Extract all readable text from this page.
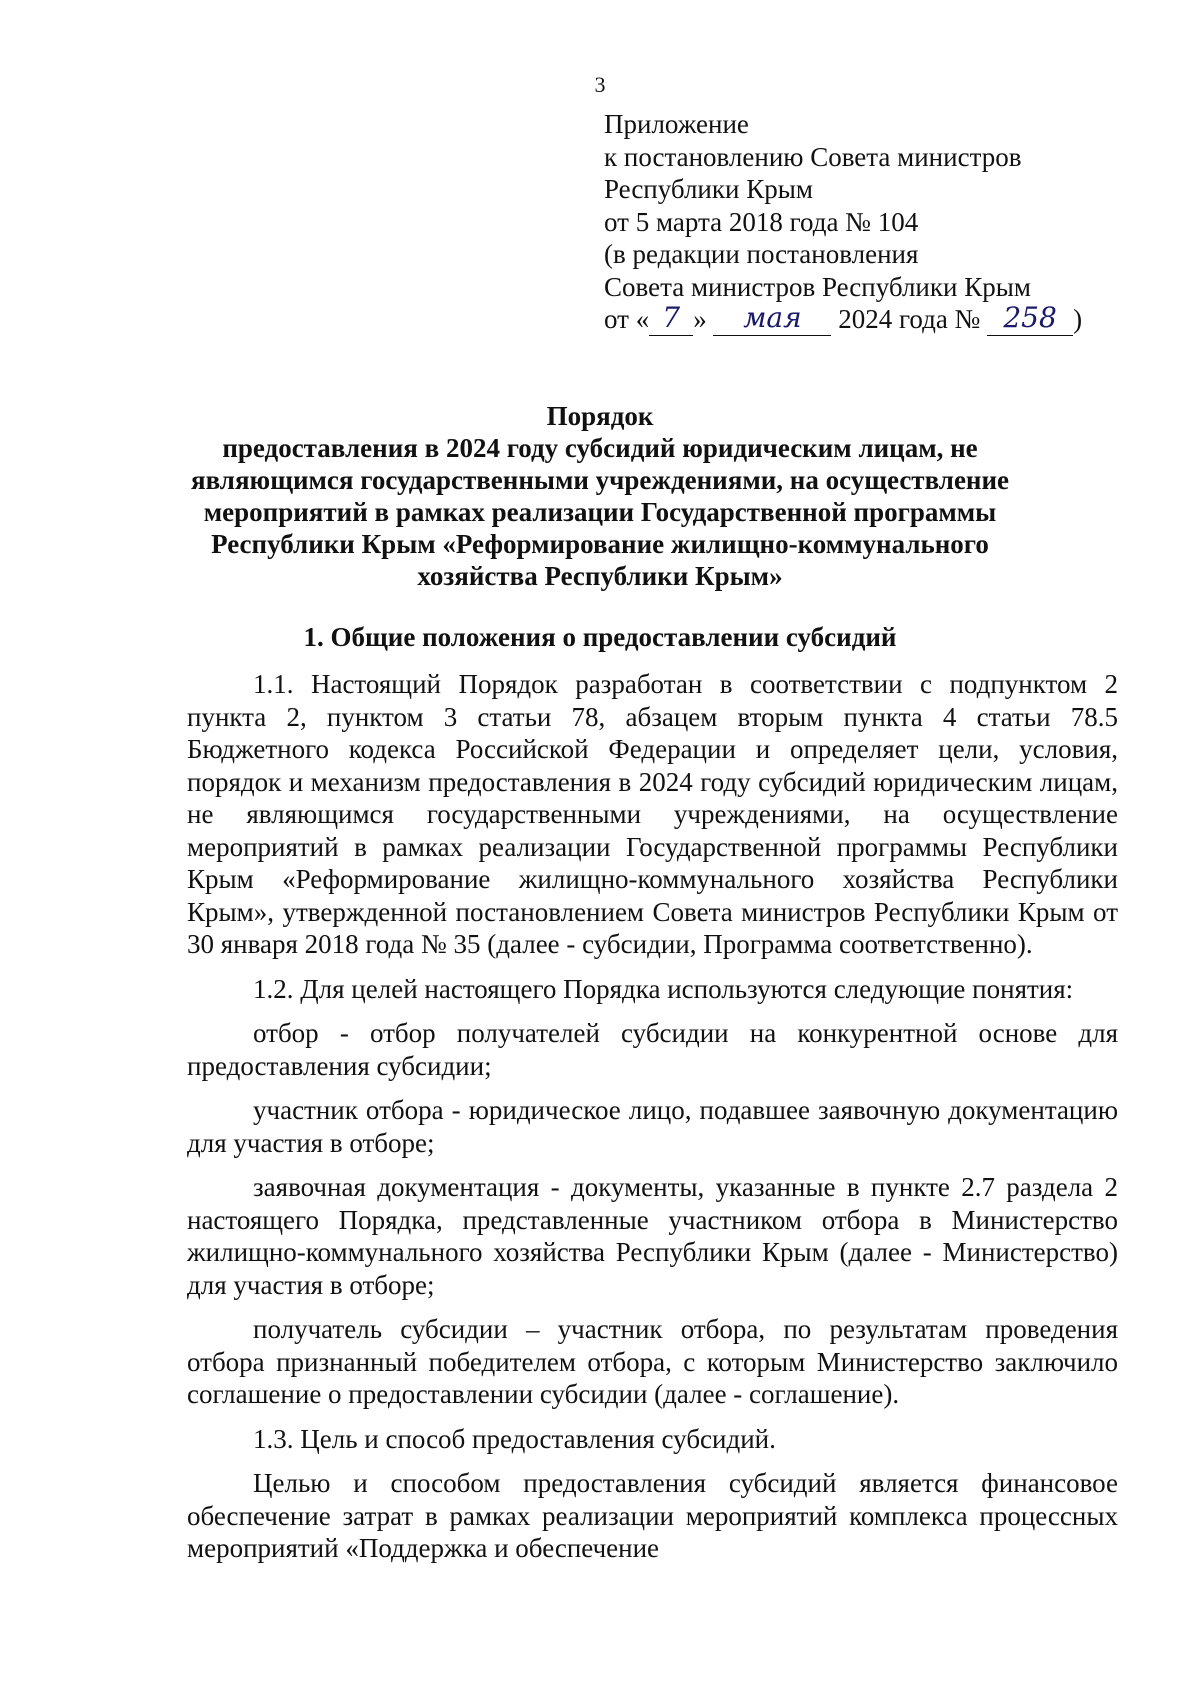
3
Приложение
к постановлению Совета министров
Республики Крым
от 5 марта 2018 года № 104
(в редакции постановления
Совета министров Республики Крым
от « 7 » мая 2024 года № 258 )
Порядок
предоставления в 2024 году субсидий юридическим лицам, не
являющимся государственными учреждениями, на осуществление
мероприятий в рамках реализации Государственной программы
Республики Крым «Реформирование жилищно-коммунального
хозяйства Республики Крым»
1. Общие положения о предоставлении субсидий

1.1. Настоящий Порядок разработан в соответствии с подпунктом 2 пункта 2, пунктом 3 статьи 78, абзацем вторым пункта 4 статьи 78.5 Бюджетного кодекса Российской Федерации и определяет цели, условия, порядок и механизм предоставления в 2024 году субсидий юридическим лицам, не являющимся государственными учреждениями, на осуществление мероприятий в рамках реализации Государственной программы Республики Крым «Реформирование жилищно-коммунального хозяйства Республики Крым», утвержденной постановлением Совета министров Республики Крым от 30 января 2018 года № 35 (далее - субсидии, Программа соответственно).

1.2. Для целей настоящего Порядка используются следующие понятия:

отбор - отбор получателей субсидии на конкурентной основе для предоставления субсидии;

участник отбора - юридическое лицо, подавшее заявочную документацию для участия в отборе;

заявочная документация - документы, указанные в пункте 2.7 раздела 2 настоящего Порядка, представленные участником отбора в Министерство жилищно-коммунального хозяйства Республики Крым (далее - Министерство) для участия в отборе;

получатель субсидии – участник отбора, по результатам проведения отбора признанный победителем отбора, с которым Министерство заключило соглашение о предоставлении субсидии (далее - соглашение).

1.3. Цель и способ предоставления субсидий.

Целью и способом предоставления субсидий является финансовое обеспечение затрат в рамках реализации мероприятий комплекса процессных мероприятий «Поддержка и обеспечение
